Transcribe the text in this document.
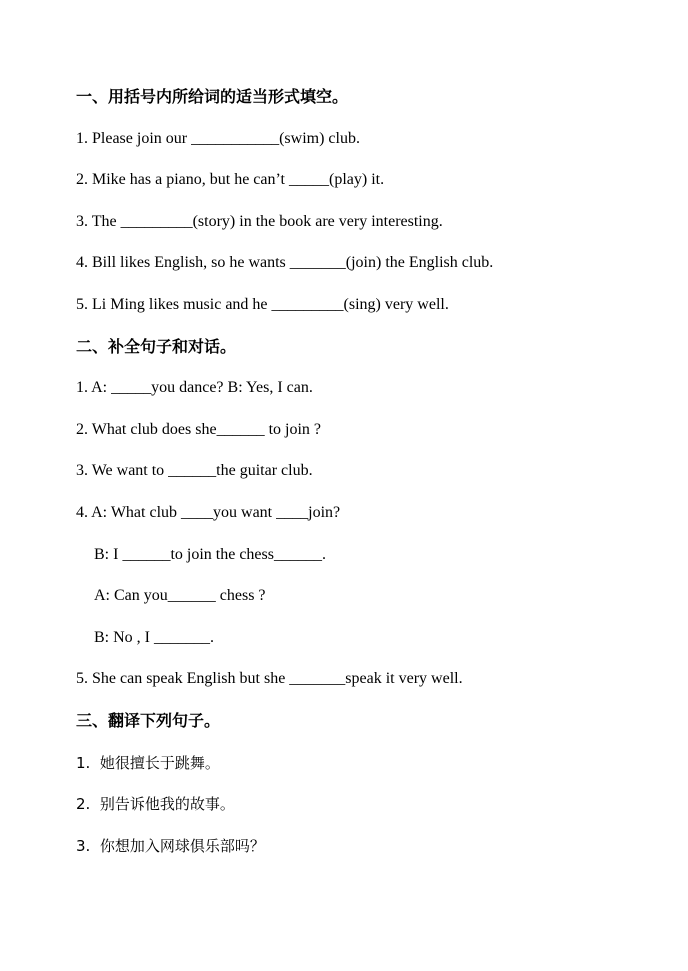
一、用括号内所给词的适当形式填空。
1. Please join our ___________(swim) club.
2. Mike has a piano, but he can’t _____(play) it.
3. The _________(story) in the book are very interesting.
4. Bill likes English, so he wants _______(join) the English club.
5. Li Ming likes music and he _________(sing) very well.
二、补全句子和对话。
1. A: _____you dance? B: Yes, I can.
2. What club does she______ to join ?
3. We want to ______the guitar club.
4. A: What club ____you want ____join?
B: I ______to join the chess______.
A: Can you______ chess ?
B: No , I _______.
5. She can speak English but she _______speak it very well.
三、翻译下列句子。
1.  她很擅长于跳舞。
2.  别告诉他我的故事。
3.  你想加入网球俱乐部吗？
